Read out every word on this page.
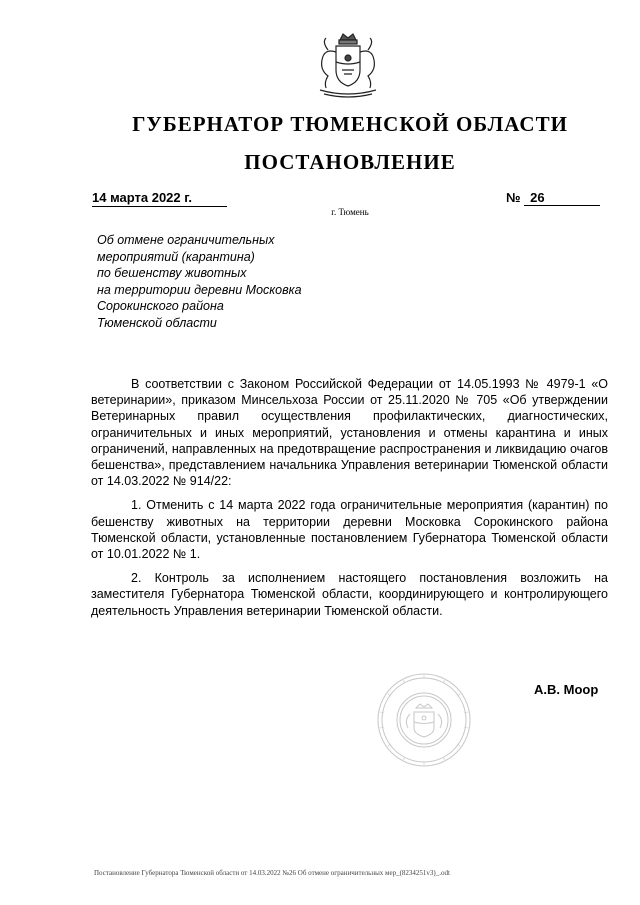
ГУБЕРНАТОР ТЮМЕНСКОЙ ОБЛАСТИ
ПОСТАНОВЛЕНИЕ
14 марта 2022 г.	№ 26
г. Тюмень
Об отмене ограничительных
мероприятий (карантина)
по бешенству животных
на территории деревни Московка
Сорокинского района
Тюменской области

В соответствии с Законом Российской Федерации от 14.05.1993 № 4979-1 «О ветеринарии», приказом Минсельхоза России от 25.11.2020 № 705 «Об утверждении Ветеринарных правил осуществления профилактических, диагностических, ограничительных и иных мероприятий, установления и отмены карантина и иных ограничений, направленных на предотвращение распространения и ликвидацию очагов бешенства», представлением начальника Управления ветеринарии Тюменской области от 14.03.2022 № 914/22:

1. Отменить с 14 марта 2022 года ограничительные мероприятия (карантин) по бешенству животных на территории деревни Московка Сорокинского района Тюменской области, установленные постановлением Губернатора Тюменской области от 10.01.2022 № 1.

2. Контроль за исполнением настоящего постановления возложить на заместителя Губернатора Тюменской области, координирующего и контролирующего деятельность Управления ветеринарии Тюменской области.

А.В. Моор
Постановление Губернатора Тюменской области от 14.03.2022 №26 Об отмене ограничительных мер_(8234251v3)_.odt
